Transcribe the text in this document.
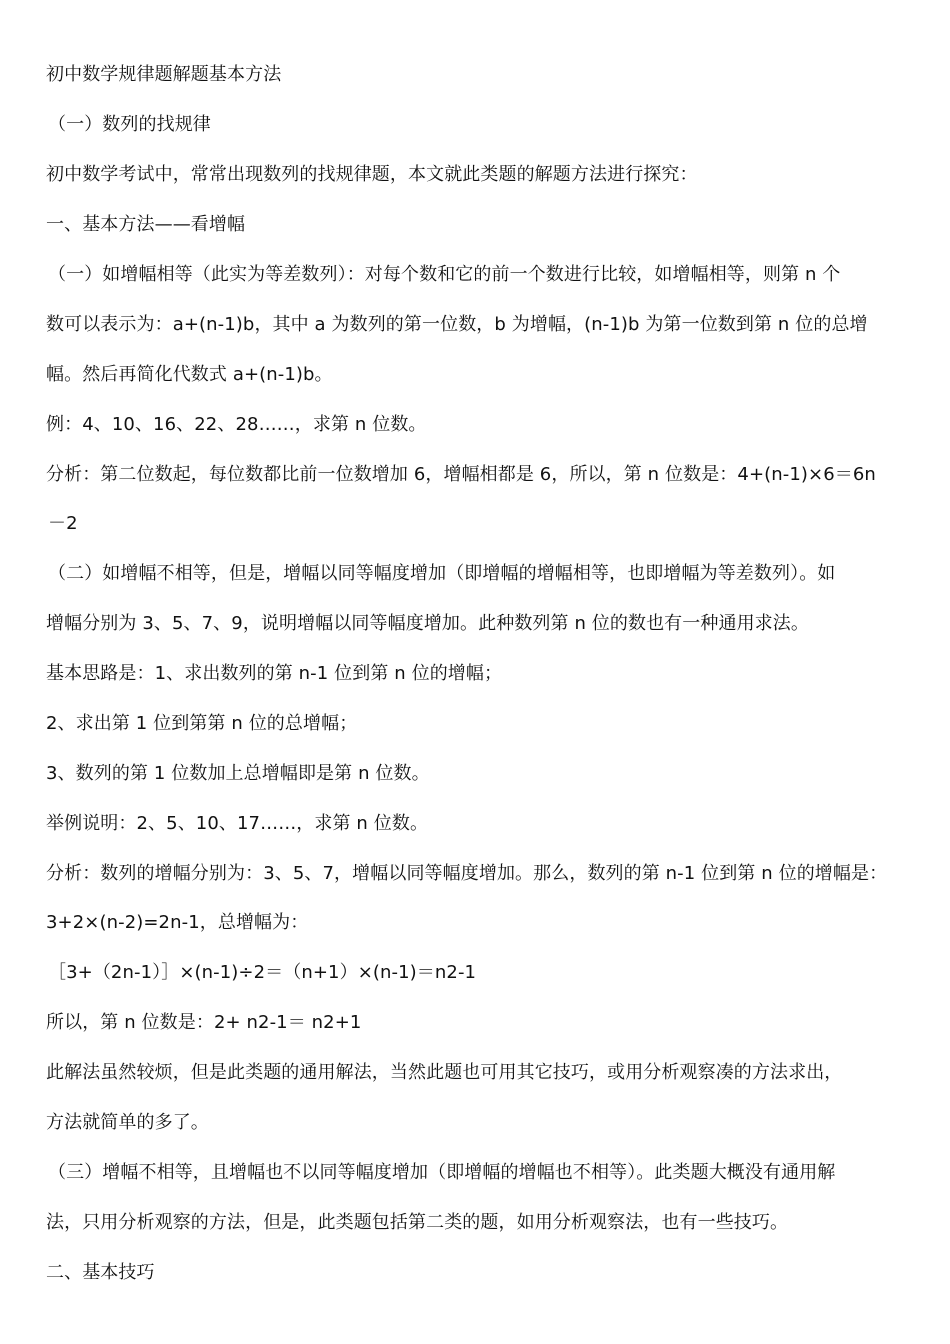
初中数学规律题解题基本方法
（一）数列的找规律
初中数学考试中，常常出现数列的找规律题，本文就此类题的解题方法进行探究：
一、基本方法——看增幅
（一）如增幅相等（此实为等差数列）：对每个数和它的前一个数进行比较，如增幅相等，则第 n 个
数可以表示为：a+(n-1)b，其中 a 为数列的第一位数，b 为增幅，(n-1)b 为第一位数到第 n 位的总增
幅。然后再简化代数式 a+(n-1)b。
例：4、10、16、22、28……，求第 n 位数。
分析：第二位数起，每位数都比前一位数增加 6，增幅相都是 6，所以，第 n 位数是：4+(n-1)×6＝6n
－2
（二）如增幅不相等，但是，增幅以同等幅度增加（即增幅的增幅相等，也即增幅为等差数列）。如
增幅分别为 3、5、7、9，说明增幅以同等幅度增加。此种数列第 n 位的数也有一种通用求法。
基本思路是：1、求出数列的第 n-1 位到第 n 位的增幅；
2、求出第 1 位到第第 n 位的总增幅；
3、数列的第 1 位数加上总增幅即是第 n 位数。
举例说明：2、5、10、17……，求第 n 位数。
分析：数列的增幅分别为：3、5、7，增幅以同等幅度增加。那么，数列的第 n-1 位到第 n 位的增幅是：
3+2×(n-2)=2n-1，总增幅为：
［3+（2n-1）］×(n-1)÷2＝（n+1）×(n-1)＝n2-1
所以，第 n 位数是：2+ n2-1＝ n2+1
此解法虽然较烦，但是此类题的通用解法，当然此题也可用其它技巧，或用分析观察凑的方法求出，
方法就简单的多了。
（三）增幅不相等，且增幅也不以同等幅度增加（即增幅的增幅也不相等）。此类题大概没有通用解
法，只用分析观察的方法，但是，此类题包括第二类的题，如用分析观察法，也有一些技巧。
二、基本技巧
